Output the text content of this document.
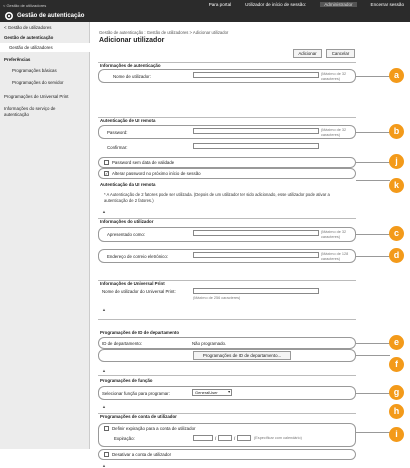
< Gestão de utilizadores
Gestão de autenticação
Para portal	Utilizador de início de sessão:	Administrador	Encerrar sessão
< Gestão de utilizadores
Gestão de autenticação
Gestão de utilizadores
Preferências
Programações básicas
Programações do servidor
Programações de Universal Print
Informações do serviço de autenticação
Gestão de autenticação : Gestão de utilizadores > Adicionar utilizador
Adicionar utilizador
Adicionar	Cancelar
Informações de autenticação
Nome de utilizador:	(Máximo de 32 caracteres)
Autenticação de UI remota
Password:	(Máximo de 32 caracteres)
Confirmar:
Password sem data de validade
✓ Alterar password no próximo início de sessão
Autenticação da UI remota
* A Autenticação de 2 fatores pode ser utilizada. (Depois de um utilizador ter sido adicionado, esse utilizador pode ativar a autenticação de 2 fatores.)
▲
Informações do utilizador
Apresentado como:	(Máximo de 32 caracteres)
Endereço de correio eletrónico:	(Máximo de 128 caracteres)
Informações de Universal Print
Nome de utilizador do Universal Print:
(Máximo de 256 caracteres)
▲
Programações de ID de departamento
ID de departamento:	Não programado.
Programações de ID de departamento...
▲
Programações de função
Selecionar função para programar:	GeneralUser	▾
▲
Programações de conta de utilizador
Definir expiração para a conta de utilizador
Expiração:	/	/	(Especificar com calendário)
Desativar a conta de utilizador
▲
a
b
j
k
c
d
e
f
g
h
i
